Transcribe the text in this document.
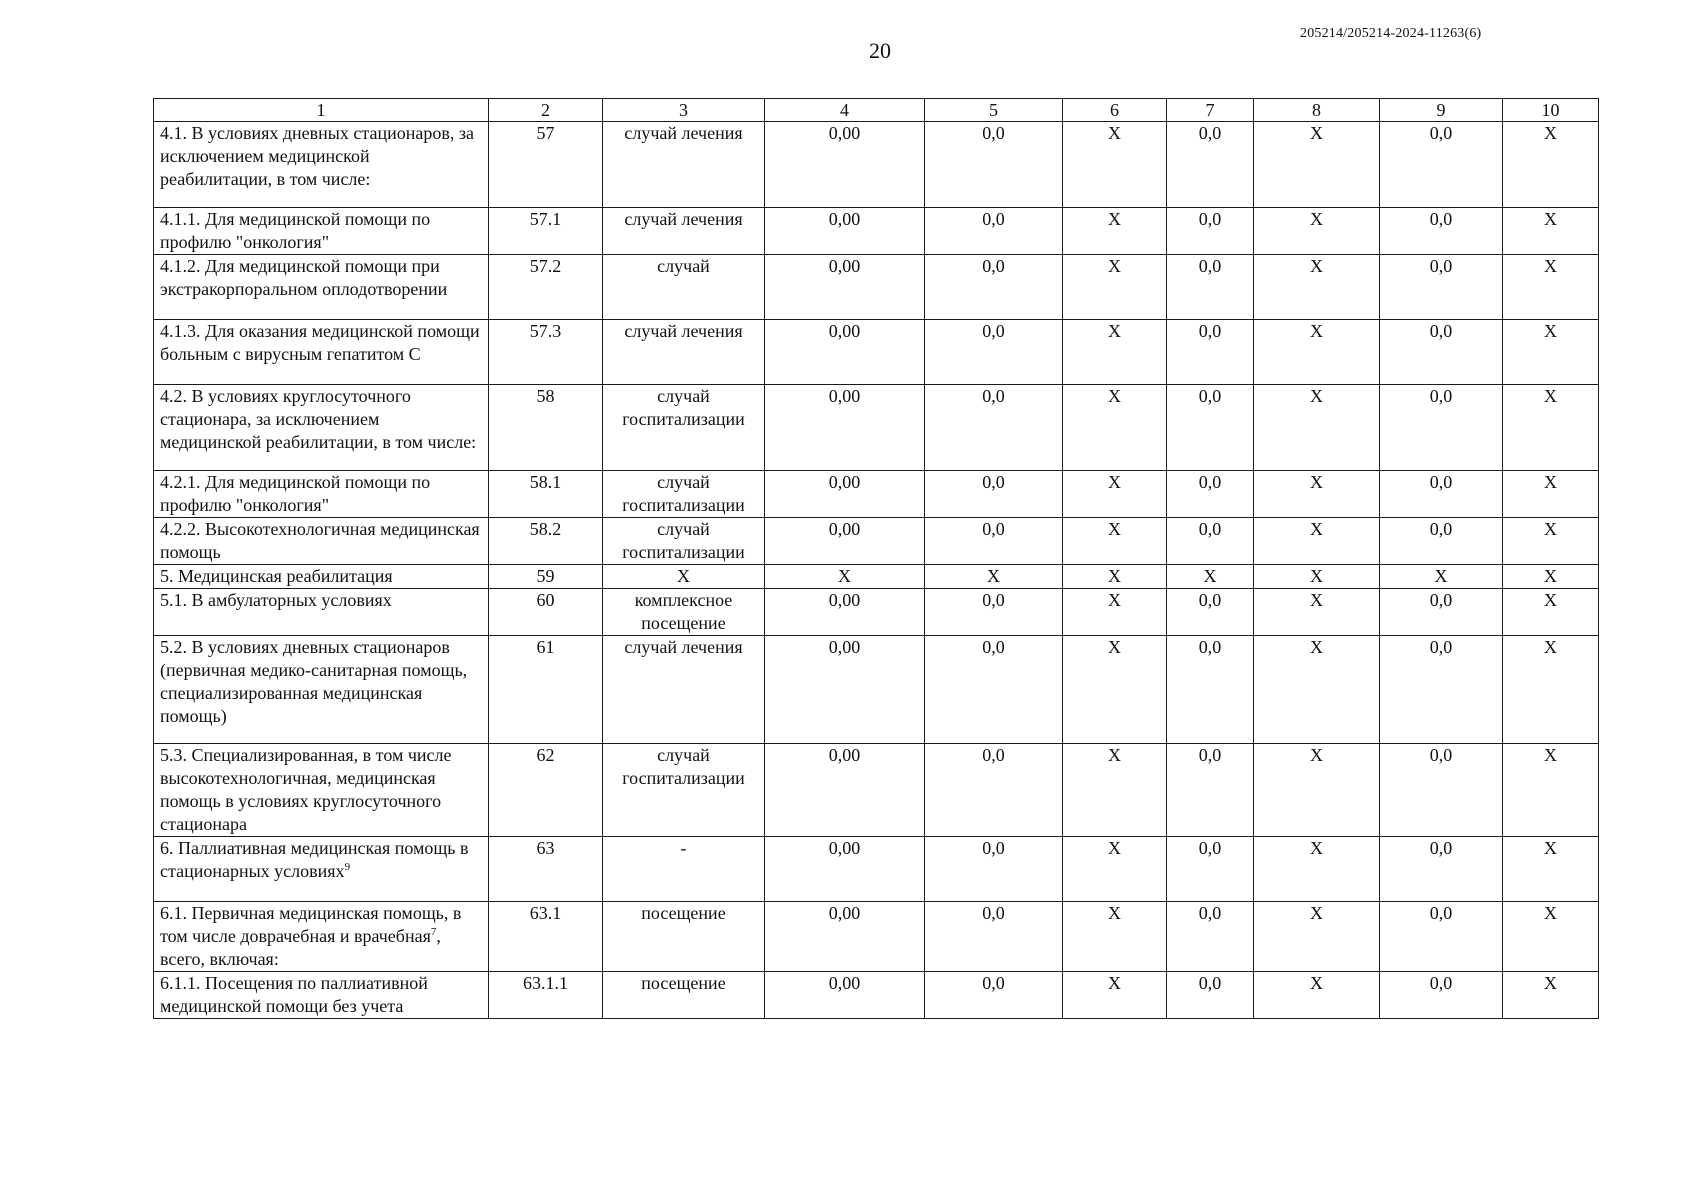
20
205214/205214-2024-11263(6)
1	2	3	4	5	6	7	8	9	10
4.1. В условиях дневных стационаров, за исключением медицинской реабилитации, в том числе:	57	случай лечения	0,00	0,0	X	0,0	X	0,0	X
4.1.1. Для медицинской помощи по профилю "онкология"	57.1	случай лечения	0,00	0,0	X	0,0	X	0,0	X
4.1.2. Для медицинской помощи при экстракорпоральном оплодотворении	57.2	случай	0,00	0,0	X	0,0	X	0,0	X
4.1.3. Для оказания медицинской помощи больным с вирусным гепатитом С	57.3	случай лечения	0,00	0,0	X	0,0	X	0,0	X
4.2. В условиях круглосуточного стационара, за исключением медицинской реабилитации, в том числе:	58	случай госпитализации	0,00	0,0	X	0,0	X	0,0	X
4.2.1. Для медицинской помощи по профилю "онкология"	58.1	случай госпитализации	0,00	0,0	X	0,0	X	0,0	X
4.2.2. Высокотехнологичная медицинская помощь	58.2	случай госпитализации	0,00	0,0	X	0,0	X	0,0	X
5. Медицинская реабилитация	59	X	X	X	X	X	X	X	X
5.1. В амбулаторных условиях	60	комплексное посещение	0,00	0,0	X	0,0	X	0,0	X
5.2. В условиях дневных стационаров (первичная медико-санитарная помощь, специализированная медицинская помощь)	61	случай лечения	0,00	0,0	X	0,0	X	0,0	X
5.3. Специализированная, в том числе высокотехнологичная, медицинская помощь в условиях круглосуточного стационара	62	случай госпитализации	0,00	0,0	X	0,0	X	0,0	X
6. Паллиативная медицинская помощь в стационарных условиях$^9$	63	-	0,00	0,0	X	0,0	X	0,0	X
6.1. Первичная медицинская помощь, в том числе доврачебная и врачебная$^7$, всего, включая:	63.1	посещение	0,00	0,0	X	0,0	X	0,0	X
6.1.1. Посещения по паллиативной медицинской помощи без учета	63.1.1	посещение	0,00	0,0	X	0,0	X	0,0	X
